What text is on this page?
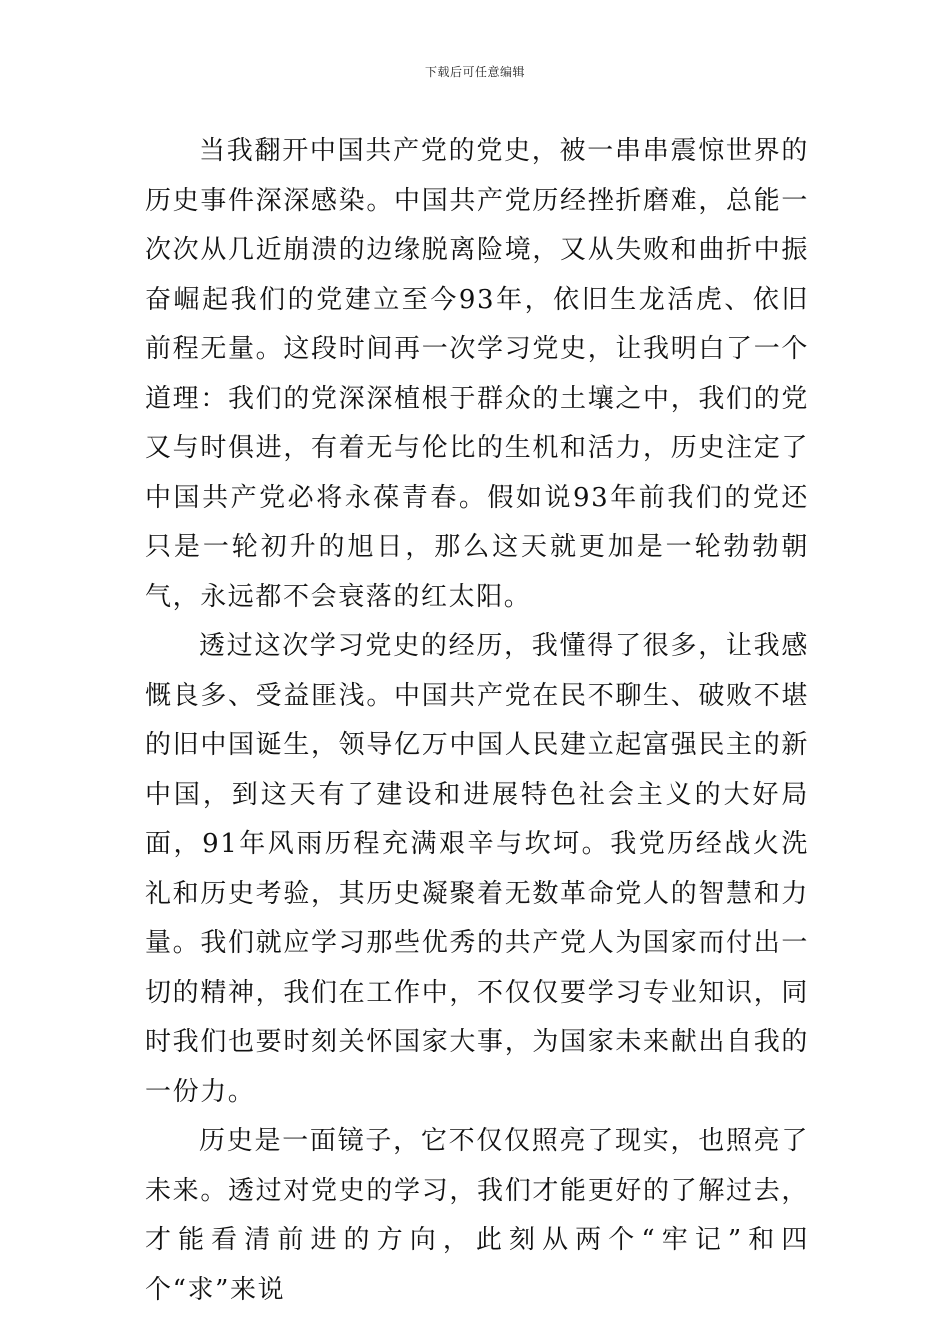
下载后可任意编辑

当我翻开中国共产党的党史，被一串串震惊世界的历史事件深深感染。中国共产党历经挫折磨难，总能一次次从几近崩溃的边缘脱离险境，又从失败和曲折中振奋崛起我们的党建立至今93年，依旧生龙活虎、依旧前程无量。这段时间再一次学习党史，让我明白了一个道理：我们的党深深植根于群众的土壤之中，我们的党又与时俱进，有着无与伦比的生机和活力，历史注定了中国共产党必将永葆青春。假如说93年前我们的党还只是一轮初升的旭日，那么这天就更加是一轮勃勃朝气，永远都不会衰落的红太阳。

透过这次学习党史的经历，我懂得了很多，让我感慨良多、受益匪浅。中国共产党在民不聊生、破败不堪的旧中国诞生，领导亿万中国人民建立起富强民主的新中国，到这天有了建设和进展特色社会主义的大好局面，91年风雨历程充满艰辛与坎坷。我党历经战火洗礼和历史考验，其历史凝聚着无数革命党人的智慧和力量。我们就应学习那些优秀的共产党人为国家而付出一切的精神，我们在工作中，不仅仅要学习专业知识，同时我们也要时刻关怀国家大事，为国家未来献出自我的一份力。

历史是一面镜子，它不仅仅照亮了现实，也照亮了未来。透过对党史的学习，我们才能更好的了解过去，才能看清前进的方向，此刻从两个“牢记”和四个“求”来说
